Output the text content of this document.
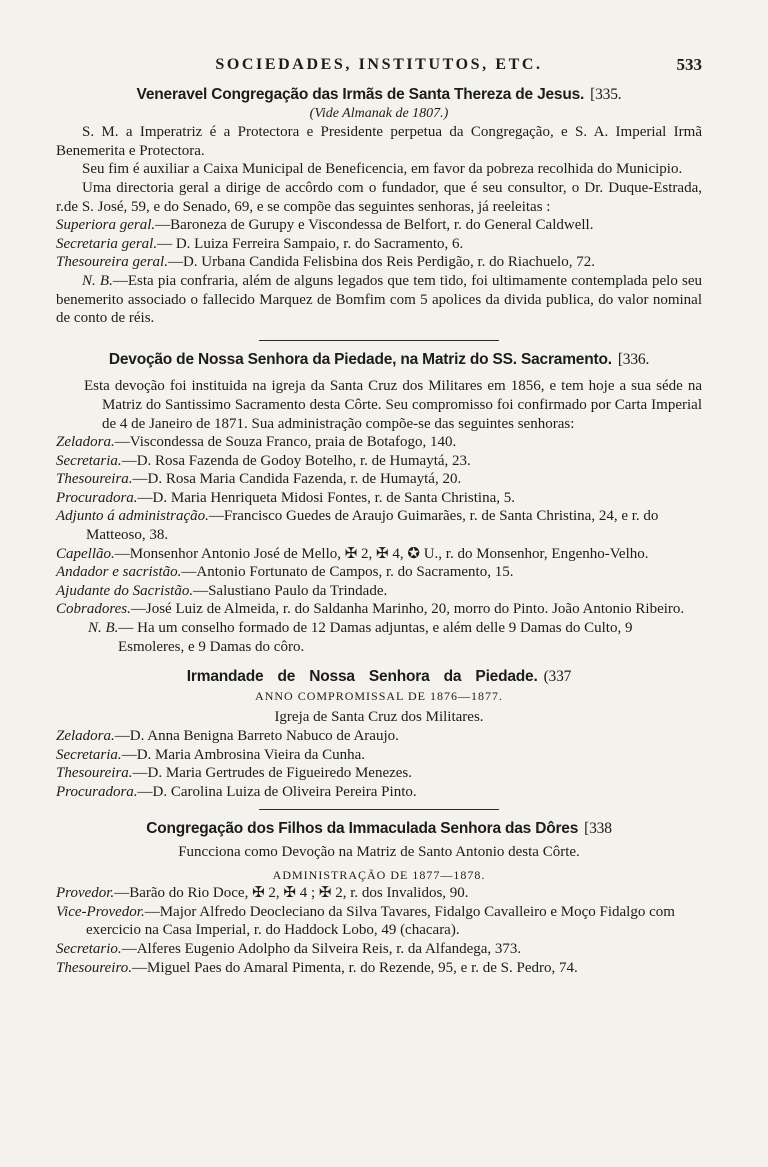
SOCIEDADES, INSTITUTOS, ETC.	533
Veneravel Congregação das Irmãs de Santa Thereza de Jesus. [335.
(Vide Almanak de 1807.)

S. M. a Imperatriz é a Protectora e Presidente perpetua da Congregação, e S. A. Imperial Irmã Benemerita e Protectora.

Seu fim é auxiliar a Caixa Municipal de Beneficencia, em favor da pobreza recolhida do Municipio.

Uma directoria geral a dirige de accôrdo com o fundador, que é seu consultor, o Dr. Duque-Estrada, r.de S. José, 59, e do Senado, 69, e se compõe das seguintes senhoras, já reeleitas :

Superiora geral.—Baroneza de Gurupy e Viscondessa de Belfort, r. do General Caldwell.

Secretaria geral.— D. Luiza Ferreira Sampaio, r. do Sacramento, 6.

Thesoureira geral.—D. Urbana Candida Felisbina dos Reis Perdigão, r. do Riachuelo, 72.

N. B.—Esta pia confraria, além de alguns legados que tem tido, foi ultimamente contemplada pelo seu benemerito associado o fallecido Marquez de Bomfim com 5 apolices da divida publica, do valor nominal de conto de réis.

Devoção de Nossa Senhora da Piedade, na Matriz do SS. Sacramento. [336.

Esta devoção foi instituida na igreja da Santa Cruz dos Militares em 1856, e tem hoje a sua séde na Matriz do Santissimo Sacramento desta Côrte. Seu compromisso foi confirmado por Carta Imperial de 4 de Janeiro de 1871. Sua administração compõe-se das seguintes senhoras:

Zeladora.—Viscondessa de Souza Franco, praia de Botafogo, 140.

Secretaria.—D. Rosa Fazenda de Godoy Botelho, r. de Humaytá, 23.

Thesoureira.—D. Rosa Maria Candida Fazenda, r. de Humaytá, 20.

Procuradora.—D. Maria Henriqueta Midosi Fontes, r. de Santa Christina, 5.

Adjunto á administração.—Francisco Guedes de Araujo Guimarães, r. de Santa Christina, 24, e r. do Matteoso, 38.

Capellão.—Monsenhor Antonio José de Mello, ✠ 2, ✠ 4, ✪ U., r. do Monsenhor, Engenho-Velho.

Andador e sacristão.—Antonio Fortunato de Campos, r. do Sacramento, 15.

Ajudante do Sacristão.—Salustiano Paulo da Trindade.

Cobradores.—José Luiz de Almeida, r. do Saldanha Marinho, 20, morro do Pinto. João Antonio Ribeiro.

N. B.— Ha um conselho formado de 12 Damas adjuntas, e além delle 9 Damas do Culto, 9 Esmoleres, e 9 Damas do côro.

Irmandade de Nossa Senhora da Piedade. (337
ANNO COMPROMISSAL DE 1876—1877.
Igreja de Santa Cruz dos Militares.

Zeladora.—D. Anna Benigna Barreto Nabuco de Araujo.

Secretaria.—D. Maria Ambrosina Vieira da Cunha.

Thesoureira.—D. Maria Gertrudes de Figueiredo Menezes.

Procuradora.—D. Carolina Luiza de Oliveira Pereira Pinto.

Congregação dos Filhos da Immaculada Senhora das Dôres [338
Funcciona como Devoção na Matriz de Santo Antonio desta Côrte.
ADMINISTRAÇÃO DE 1877—1878.

Provedor.—Barão do Rio Doce, ✠ 2, ✠ 4 ; ✠ 2, r. dos Invalidos, 90.

Vice-Provedor.—Major Alfredo Deocleciano da Silva Tavares, Fidalgo Cavalleiro e Moço Fidalgo com exercicio na Casa Imperial, r. do Haddock Lobo, 49 (chacara).

Secretario.—Alferes Eugenio Adolpho da Silveira Reis, r. da Alfandega, 373.

Thesoureiro.—Miguel Paes do Amaral Pimenta, r. do Rezende, 95, e r. de S. Pedro, 74.
